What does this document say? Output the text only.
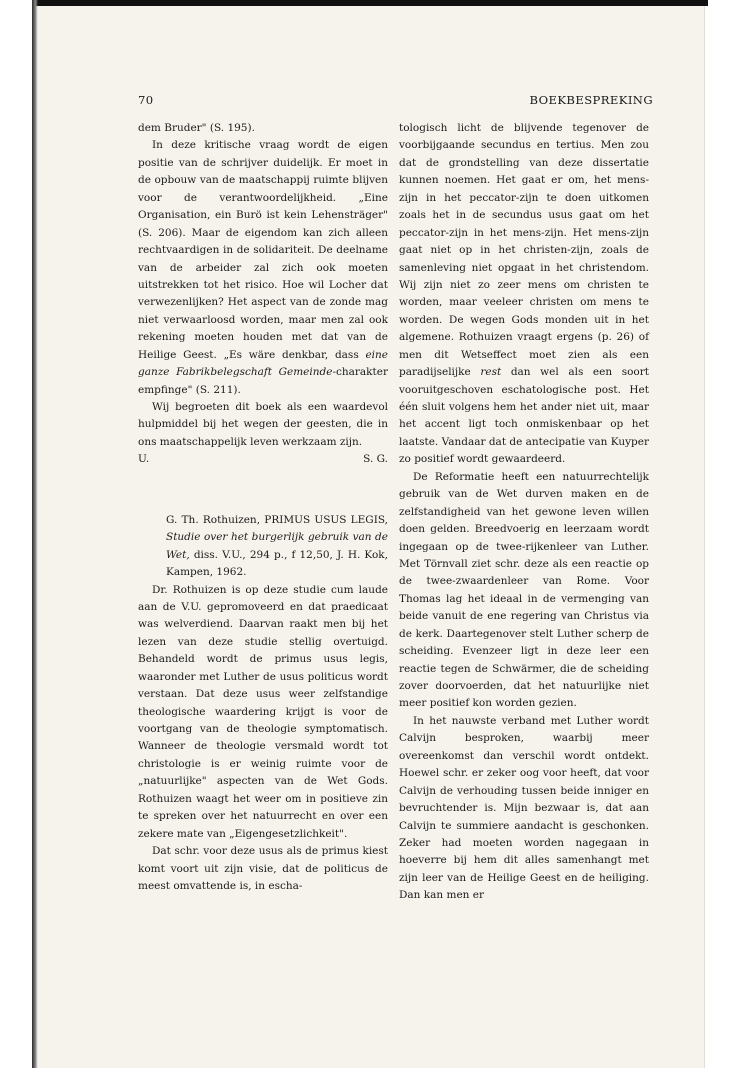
70	BOEKBESPREKING

dem Bruder" (S. 195).

In deze kritische vraag wordt de eigen positie van de schrijver duidelijk. Er moet in de opbouw van de maatschappij ruimte blijven voor de verantwoordelijkheid. „Eine Organisation, ein Burö ist kein Lehensträger" (S. 206). Maar de eigendom kan zich alleen rechtvaardigen in de solidariteit. De deelname van de arbeider zal zich ook moeten uitstrekken tot het risico. Hoe wil Locher dat verwezenlijken? Het aspect van de zonde mag niet verwaarloosd worden, maar men zal ook rekening moeten houden met dat van de Heilige Geest. „Es wäre denkbar, dass eine ganze Fabrikbelegschaft Gemeinde-charakter empfinge" (S. 211).

Wij begroeten dit boek als een waardevol hulpmiddel bij het wegen der geesten, die in ons maatschappelijk leven werkzaam zijn.

U.	S. G.

G. Th. Rothuizen, PRIMUS USUS LEGIS, Studie over het burgerlijk gebruik van de Wet, diss. V.U., 294 p., f 12,50, J. H. Kok, Kampen, 1962.

Dr. Rothuizen is op deze studie cum laude aan de V.U. gepromoveerd en dat praedicaat was welverdiend. Daarvan raakt men bij het lezen van deze studie stellig overtuigd. Behandeld wordt de primus usus legis, waaronder met Luther de usus politicus wordt verstaan. Dat deze usus weer zelfstandige theologische waardering krijgt is voor de voortgang van de theologie symptomatisch. Wanneer de theologie versmald wordt tot christologie is er weinig ruimte voor de „natuurlijke" aspecten van de Wet Gods. Rothuizen waagt het weer om in positieve zin te spreken over het natuurrecht en over een zekere mate van „Eigengesetzlichkeit".

Dat schr. voor deze usus als de primus kiest komt voort uit zijn visie, dat de politicus de meest omvattende is, in escha-

tologisch licht de blijvende tegenover de voorbijgaande secundus en tertius. Men zou dat de grondstelling van deze dissertatie kunnen noemen. Het gaat er om, het mens-zijn in het peccator-zijn te doen uitkomen zoals het in de secundus usus gaat om het peccator-zijn in het mens-zijn. Het mens-zijn gaat niet op in het christen-zijn, zoals de samenleving niet opgaat in het christendom. Wij zijn niet zo zeer mens om christen te worden, maar veeleer christen om mens te worden. De wegen Gods monden uit in het algemene. Rothuizen vraagt ergens (p. 26) of men dit Wetseffect moet zien als een paradijselijke rest dan wel als een soort vooruitgeschoven eschatologische post. Het één sluit volgens hem het ander niet uit, maar het accent ligt toch onmiskenbaar op het laatste. Vandaar dat de antecipatie van Kuyper zo positief wordt gewaardeerd.

De Reformatie heeft een natuurrechtelijk gebruik van de Wet durven maken en de zelfstandigheid van het gewone leven willen doen gelden. Breedvoerig en leerzaam wordt ingegaan op de twee-rijkenleer van Luther. Met Törnvall ziet schr. deze als een reactie op de twee-zwaardenleer van Rome. Voor Thomas lag het ideaal in de vermenging van beide vanuit de ene regering van Christus via de kerk. Daartegenover stelt Luther scherp de scheiding. Evenzeer ligt in deze leer een reactie tegen de Schwärmer, die de scheiding zover doorvoerden, dat het natuurlijke niet meer positief kon worden gezien.

In het nauwste verband met Luther wordt Calvijn besproken, waarbij meer overeenkomst dan verschil wordt ontdekt. Hoewel schr. er zeker oog voor heeft, dat voor Calvijn de verhouding tussen beide inniger en bevruchtender is. Mijn bezwaar is, dat aan Calvijn te summiere aandacht is geschonken. Zeker had moeten worden nagegaan in hoeverre bij hem dit alles samenhangt met zijn leer van de Heilige Geest en de heiliging. Dan kan men er
